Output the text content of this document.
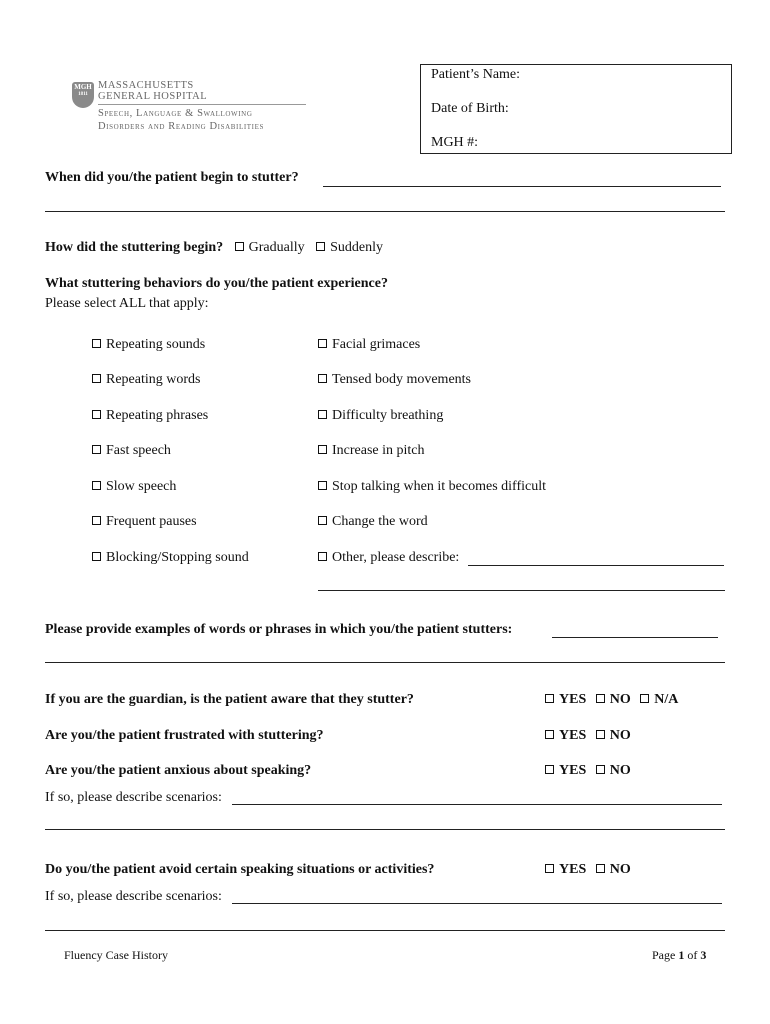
MGH
1811
MASSACHUSETTS
GENERAL HOSPITAL
Speech, Language & Swallowing
Disorders and Reading Disabilities
Patient’s Name:
Date of Birth:
MGH #:
When did you/the patient begin to stutter?
How did the stuttering begin? Gradually Suddenly
What stuttering behaviors do you/the patient experience?
Please select ALL that apply:
Repeating sounds
Repeating words
Repeating phrases
Fast speech
Slow speech
Frequent pauses
Blocking/Stopping sound
Facial grimaces
Tensed body movements
Difficulty breathing
Increase in pitch
Stop talking when it becomes difficult
Change the word
Other, please describe:
Please provide examples of words or phrases in which you/the patient stutters:
If you are the guardian, is the patient aware that they stutter?	YES NO N/A
Are you/the patient frustrated with stuttering?	YES NO
Are you/the patient anxious about speaking?	YES NO
If so, please describe scenarios:
Do you/the patient avoid certain speaking situations or activities?	YES NO
If so, please describe scenarios:
Fluency Case History	Page 1 of 3
